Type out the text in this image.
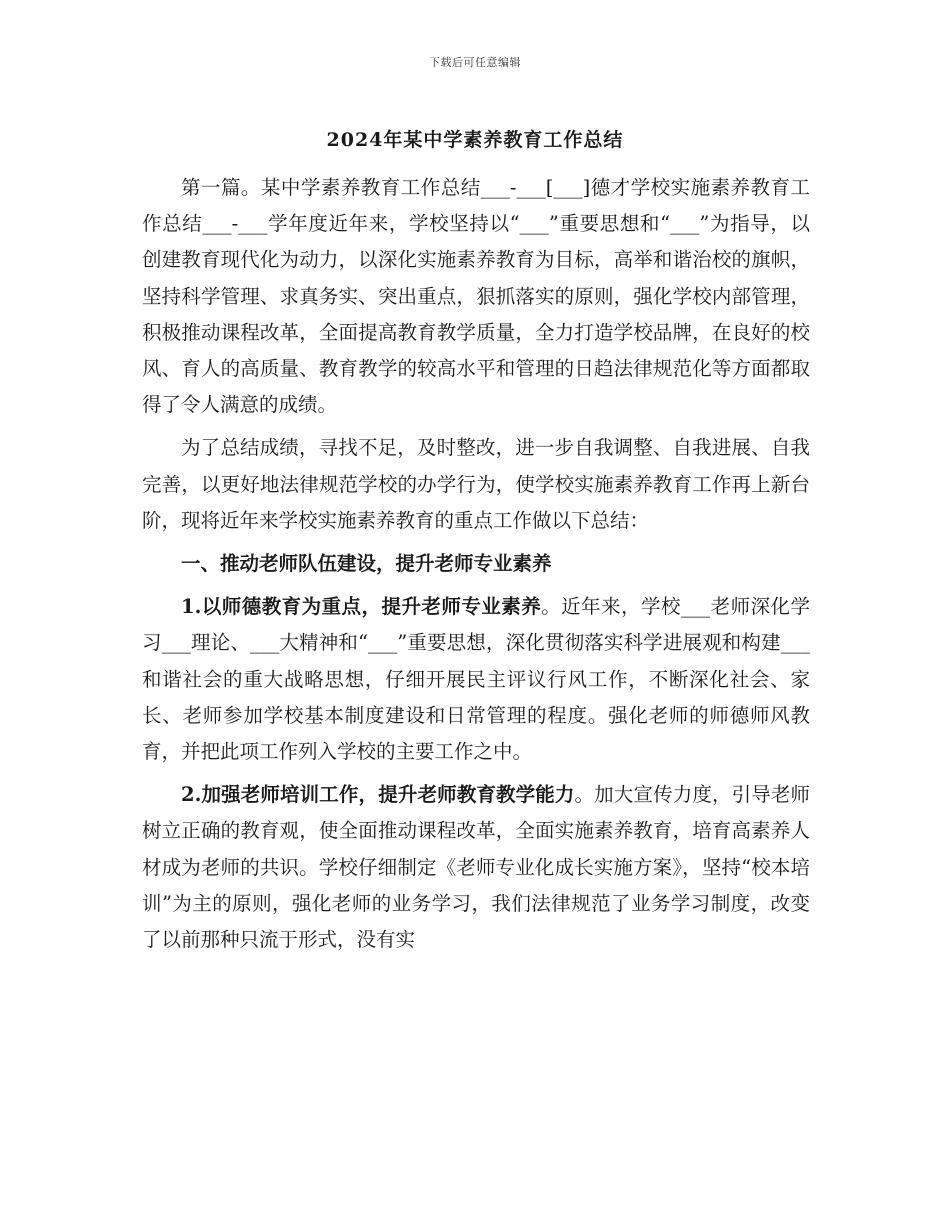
下载后可任意编辑
2024年某中学素养教育工作总结

第一篇。某中学素养教育工作总结___-___[___]德才学校实施素养教育工作总结___-___学年度近年来，学校坚持以“___”重要思想和“___”为指导，以创建教育现代化为动力，以深化实施素养教育为目标，高举和谐治校的旗帜，坚持科学管理、求真务实、突出重点，狠抓落实的原则，强化学校内部管理，积极推动课程改革，全面提高教育教学质量，全力打造学校品牌，在良好的校风、育人的高质量、教育教学的较高水平和管理的日趋法律规范化等方面都取得了令人满意的成绩。

为了总结成绩，寻找不足，及时整改，进一步自我调整、自我进展、自我完善，以更好地法律规范学校的办学行为，使学校实施素养教育工作再上新台阶，现将近年来学校实施素养教育的重点工作做以下总结：

一、推动老师队伍建设，提升老师专业素养

1.以师德教育为重点，提升老师专业素养。近年来，学校___老师深化学习___理论、___大精神和“___”重要思想，深化贯彻落实科学进展观和构建___和谐社会的重大战略思想，仔细开展民主评议行风工作，不断深化社会、家长、老师参加学校基本制度建设和日常管理的程度。强化老师的师德师风教育，并把此项工作列入学校的主要工作之中。

2.加强老师培训工作，提升老师教育教学能力。加大宣传力度，引导老师树立正确的教育观，使全面推动课程改革，全面实施素养教育，培育高素养人材成为老师的共识。学校仔细制定《老师专业化成长实施方案》，坚持“校本培训”为主的原则，强化老师的业务学习，我们法律规范了业务学习制度，改变了以前那种只流于形式，没有实
